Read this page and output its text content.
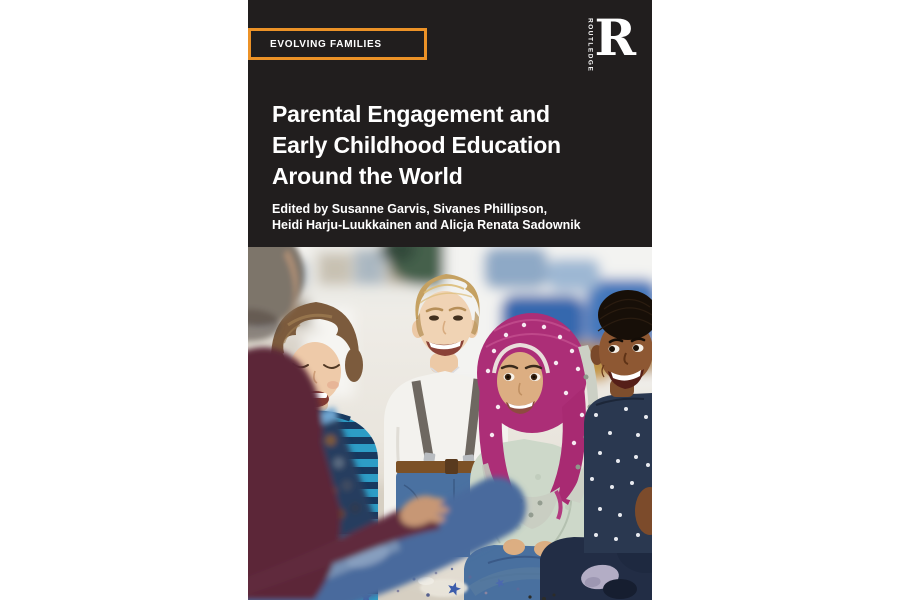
EVOLVING FAMILIES	ROUTLEDGE R
Parental Engagement and
Early Childhood Education
Around the World

Edited by Susanne Garvis, Sivanes Phillipson,
Heidi Harju-Luukkainen and Alicja Renata Sadownik
